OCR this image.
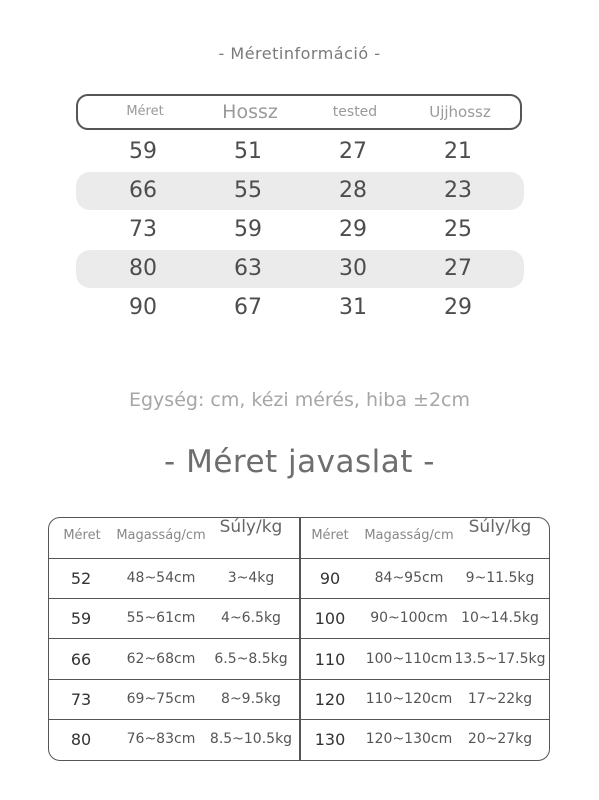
- Méretinformáció -
Méret	Hossz	tested	Ujjhossz
59	51	27	21
66	55	28	23
73	59	29	25
80	63	30	27
90	67	31	29
Egység: cm, kézi mérés, hiba ±2cm
- Méret javaslat -
Méret	Magasság/cm Súly/kg	Méret	Magasság/cm Súly/kg
52	48~54cm	3~4kg
59	55~61cm	4~6.5kg
66	62~68cm	6.5~8.5kg
73	69~75cm	8~9.5kg
80	76~83cm	8.5~10.5kg
90	84~95cm	9~11.5kg
100	90~100cm 10~14.5kg
110	100~110cm 13.5~17.5kg
120	110~120cm	17~22kg
130	120~130cm	20~27kg
